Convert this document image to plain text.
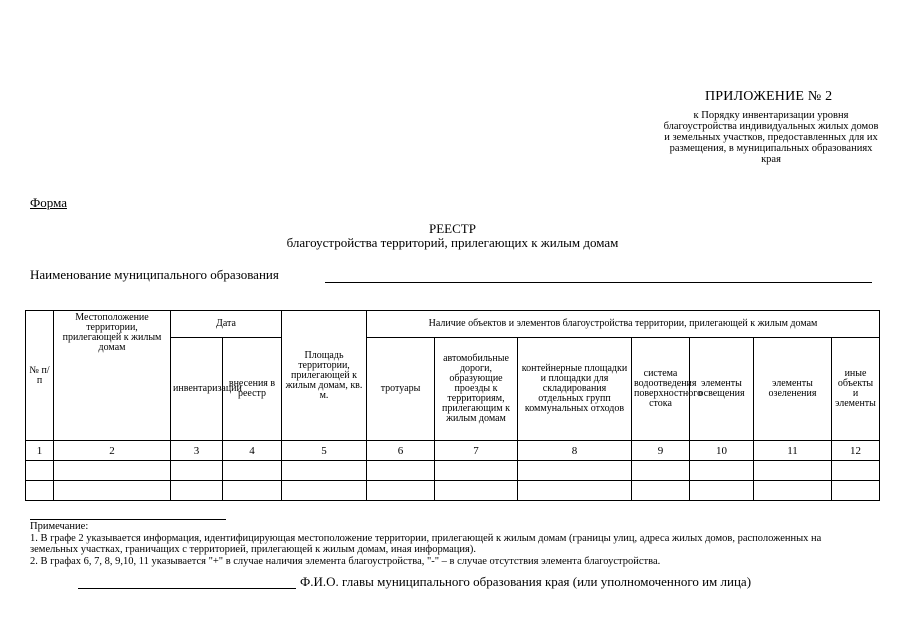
ПРИЛОЖЕНИЕ № 2
к Порядку инвентаризации уровня благоустройства индивидуальных жилых домов и земельных участков, предоставленных для их размещения, в муниципальных образованиях края
Форма
РЕЕСТР
благоустройства территорий, прилегающих к жилым домам
Наименование муниципального образования
№ п/п	Местоположение территории, прилегающей к жилым домам	Дата		Площадь территории, прилегающей к жилым домам, кв. м.	Наличие объектов и элементов благоустройства территории, прилегающей к жилым домам						
		инвентаризации	внесения в реестр		тротуары	автомобильные дороги, образующие проезды к территориям, прилегающим к жилым домам	контейнерные площадки и площадки для складирования отдельных групп коммунальных отходов	система водоотведения поверхностного стока	элементы освещения	элементы озеленения	иные объекты и элементы
1	2	3	4	5	6	7	8	9	10	11	12

Примечание:
1. В графе 2 указывается информация, идентифицирующая местоположение территории, прилегающей к жилым домам (границы улиц, адреса жилых домов, расположенных на земельных участках, граничащих с территорией, прилегающей к жилым домам, иная информация).
2. В графах 6, 7, 8, 9,10, 11 указывается "+" в случае наличия элемента благоустройства, "-" – в случае отсутствия элемента благоустройства.
Ф.И.О. главы муниципального образования края (или уполномоченного им лица)
